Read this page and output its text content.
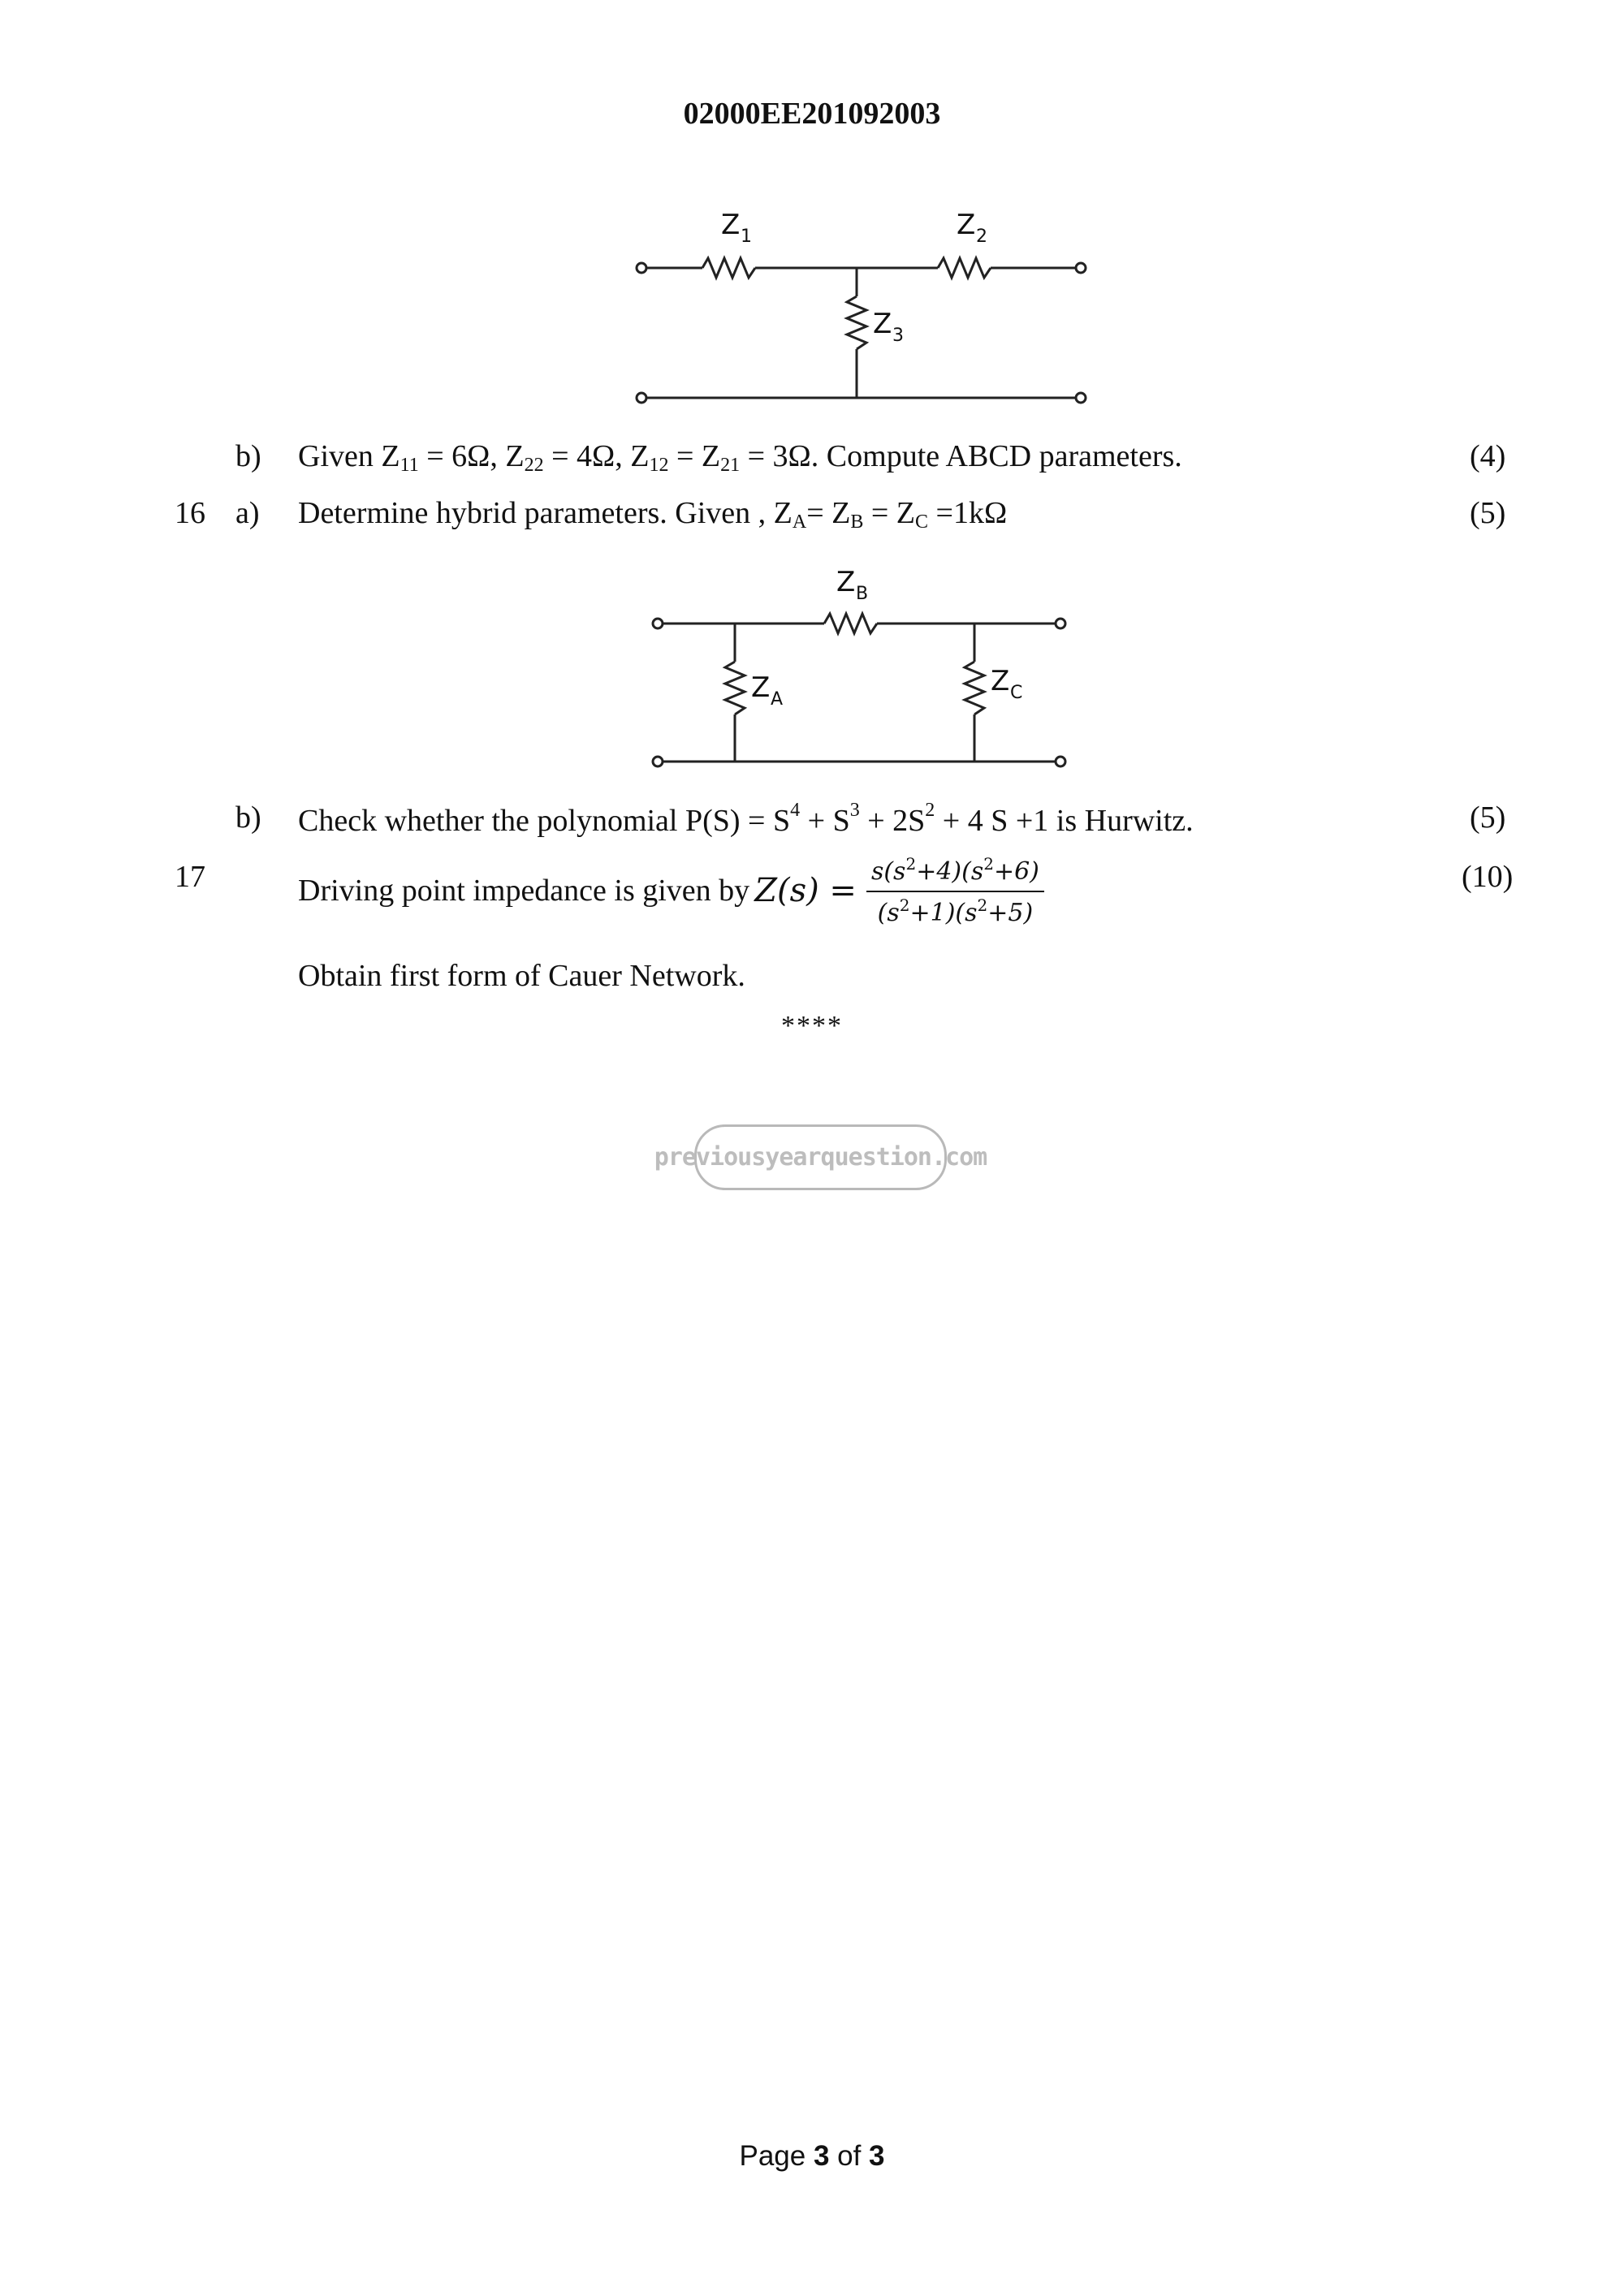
02000EE201092003
Z 1	Z 2
Z 3
b) Given $Z_{11} = 6\Omega$, $Z_{22} = 4\Omega$, $Z_{12} = Z_{21} = 3\Omega$. Compute ABCD parameters.	(4)
16 a) Determine hybrid parameters. Given , $Z_A= Z_B = Z_C =1k\Omega$	(5)
Z B
Z A
Z C
b) Check whether the polynomial $P(S) = S^4 + S^3 + 2S^2 + 4$ S +1 is Hurwitz.	(5)
17	Driving point impedance is given by $Z(s) = \frac{s(s^2+4)(s^2+6)}{(s^2+1)(s^2+5)}$	(10)
Obtain first form of Cauer Network.
****
previousyearquestion.com
Page 3 of 3
